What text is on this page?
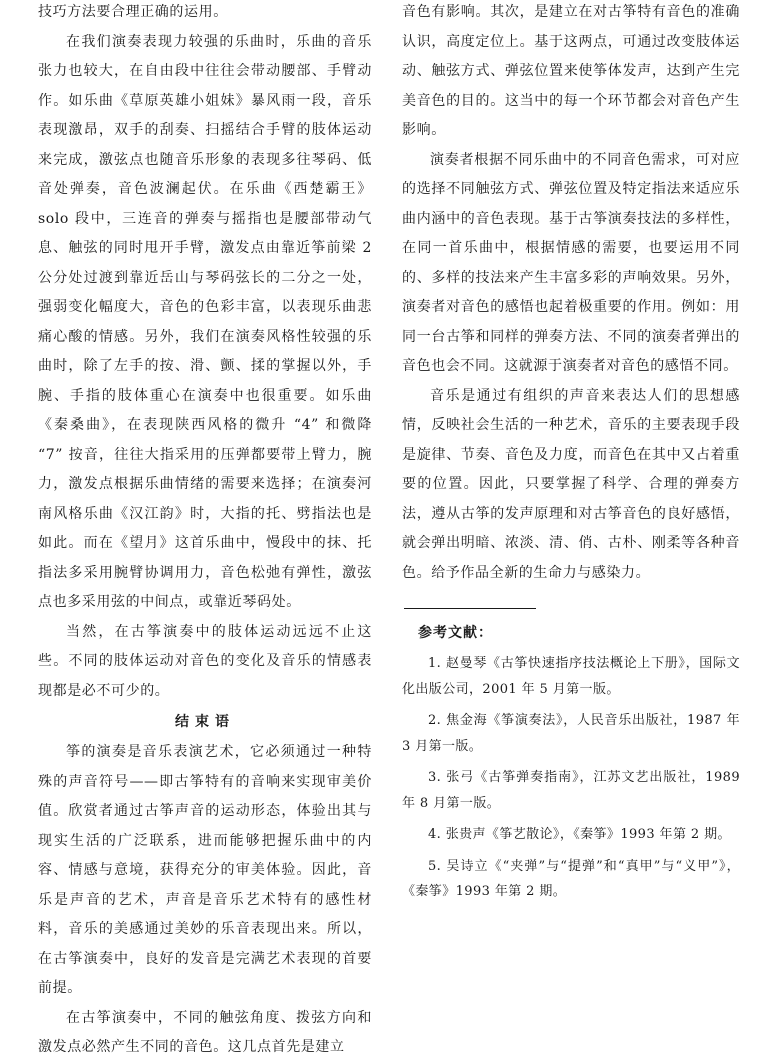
技巧方法要合理正确的运用。

在我们演奏表现力较强的乐曲时，乐曲的音乐张力也较大，在自由段中往往会带动腰部、手臂动作。如乐曲《草原英雄小姐妹》暴风雨一段，音乐表现激昂，双手的刮奏、扫摇结合手臂的肢体运动来完成，激弦点也随音乐形象的表现多往琴码、低音处弹奏，音色波澜起伏。在乐曲《西楚霸王》solo 段中，三连音的弹奏与摇指也是腰部带动气息、触弦的同时甩开手臂，激发点由靠近筝前梁 2 公分处过渡到靠近岳山与琴码弦长的二分之一处，强弱变化幅度大，音色的色彩丰富，以表现乐曲悲痛心酸的情感。另外，我们在演奏风格性较强的乐曲时，除了左手的按、滑、颤、揉的掌握以外，手腕、手指的肢体重心在演奏中也很重要。如乐曲《秦桑曲》，在表现陕西风格的微升 “4” 和微降 “7” 按音，往往大指采用的压弹都要带上臂力，腕力，激发点根据乐曲情绪的需要来选择；在演奏河南风格乐曲《汉江韵》时，大指的托、劈指法也是如此。而在《望月》这首乐曲中，慢段中的抹、托指法多采用腕臂协调用力，音色松弛有弹性，激弦点也多采用弦的中间点，或靠近琴码处。

当然，在古筝演奏中的肢体运动远远不止这些。不同的肢体运动对音色的变化及音乐的情感表现都是必不可少的。

结束语

筝的演奏是音乐表演艺术，它必须通过一种特殊的声音符号——即古筝特有的音响来实现审美价值。欣赏者通过古筝声音的运动形态，体验出其与现实生活的广泛联系，进而能够把握乐曲中的内容、情感与意境，获得充分的审美体验。因此，音乐是声音的艺术，声音是音乐艺术特有的感性材料，音乐的美感通过美妙的乐音表现出来。所以，在古筝演奏中，良好的发音是完满艺术表现的首要前提。

在古筝演奏中，不同的触弦角度、拨弦方向和激发点必然产生不同的音色。这几点首先是建立

音色有影响。其次，是建立在对古筝特有音色的准确认识，高度定位上。基于这两点，可通过改变肢体运动、触弦方式、弹弦位置来使筝体发声，达到产生完美音色的目的。这当中的每一个环节都会对音色产生影响。

演奏者根据不同乐曲中的不同音色需求，可对应的选择不同触弦方式、弹弦位置及特定指法来适应乐曲内涵中的音色表现。基于古筝演奏技法的多样性，在同一首乐曲中，根据情感的需要，也要运用不同的、多样的技法来产生丰富多彩的声响效果。另外，演奏者对音色的感悟也起着极重要的作用。例如：用同一台古筝和同样的弹奏方法、不同的演奏者弹出的音色也会不同。这就源于演奏者对音色的感悟不同。

音乐是通过有组织的声音来表达人们的思想感情，反映社会生活的一种艺术，音乐的主要表现手段是旋律、节奏、音色及力度，而音色在其中又占着重要的位置。因此，只要掌握了科学、合理的弹奏方法，遵从古筝的发声原理和对古筝音色的良好感悟，就会弹出明暗、浓淡、清、俏、古朴、刚柔等各种音色。给予作品全新的生命力与感染力。

参考文献：
1. 赵曼琴《古筝快速指序技法概论上下册》，国际文化出版公司，2001 年 5 月第一版。
2. 焦金海《筝演奏法》，人民音乐出版社，1987 年 3 月第一版。
3. 张弓《古筝弹奏指南》，江苏文艺出版社，1989 年 8 月第一版。
4. 张贵声《筝艺散论》，《秦筝》1993 年第 2 期。
5. 吴诗立《“夹弹”与“提弹”和“真甲”与“义甲”》，《秦筝》1993 年第 2 期。
